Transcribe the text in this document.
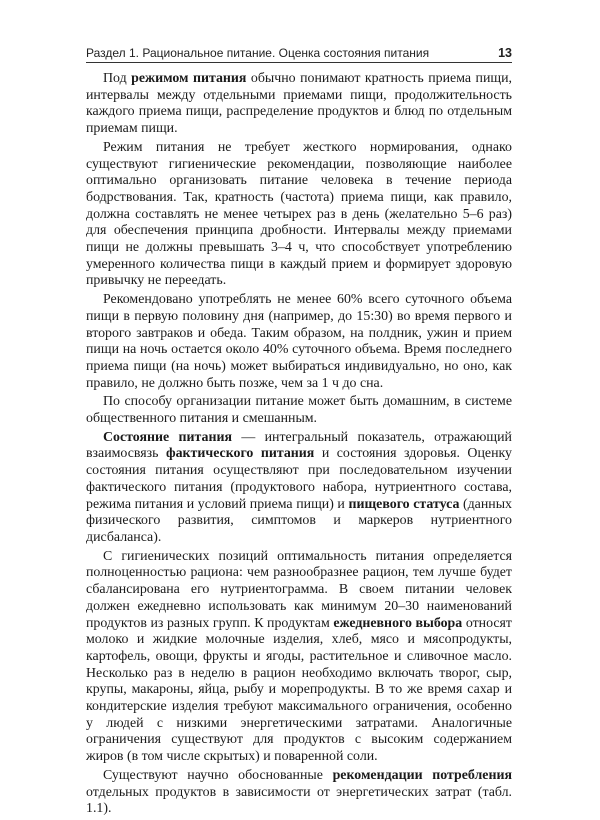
Раздел 1. Рациональное питание. Оценка состояния питания	13

Под режимом питания обычно понимают кратность приема пищи, интервалы между отдельными приемами пищи, продолжительность каждого приема пищи, распределение продуктов и блюд по отдельным приемам пищи.

Режим питания не требует жесткого нормирования, однако существуют гигиенические рекомендации, позволяющие наиболее оптимально организовать питание человека в течение периода бодрствования. Так, кратность (частота) приема пищи, как правило, должна составлять не менее четырех раз в день (желательно 5–6 раз) для обеспечения принципа дробности. Интервалы между приемами пищи не должны превышать 3–4 ч, что способствует употреблению умеренного количества пищи в каждый прием и формирует здоровую привычку не переедать.

Рекомендовано употреблять не менее 60% всего суточного объема пищи в первую половину дня (например, до 15:30) во время первого и второго завтраков и обеда. Таким образом, на полдник, ужин и прием пищи на ночь остается около 40% суточного объема. Время последнего приема пищи (на ночь) может выбираться индивидуально, но оно, как правило, не должно быть позже, чем за 1 ч до сна.

По способу организации питание может быть домашним, в системе общественного питания и смешанным.

Состояние питания — интегральный показатель, отражающий взаимосвязь фактического питания и состояния здоровья. Оценку состояния питания осуществляют при последовательном изучении фактического питания (продуктового набора, нутриентного состава, режима питания и условий приема пищи) и пищевого статуса (данных физического развития, симптомов и маркеров нутриентного дисбаланса).

С гигиенических позиций оптимальность питания определяется полноценностью рациона: чем разнообразнее рацион, тем лучше будет сбалансирована его нутриентограмма. В своем питании человек должен ежедневно использовать как минимум 20–30 наименований продуктов из разных групп. К продуктам ежедневного выбора относят молоко и жидкие молочные изделия, хлеб, мясо и мясопродукты, картофель, овощи, фрукты и ягоды, растительное и сливочное масло. Несколько раз в неделю в рацион необходимо включать творог, сыр, крупы, макароны, яйца, рыбу и морепродукты. В то же время сахар и кондитерские изделия требуют максимального ограничения, особенно у людей с низкими энергетическими затратами. Аналогичные ограничения существуют для продуктов с высоким содержанием жиров (в том числе скрытых) и поваренной соли.

Существуют научно обоснованные рекомендации потребления отдельных продуктов в зависимости от энергетических затрат (табл. 1.1).
